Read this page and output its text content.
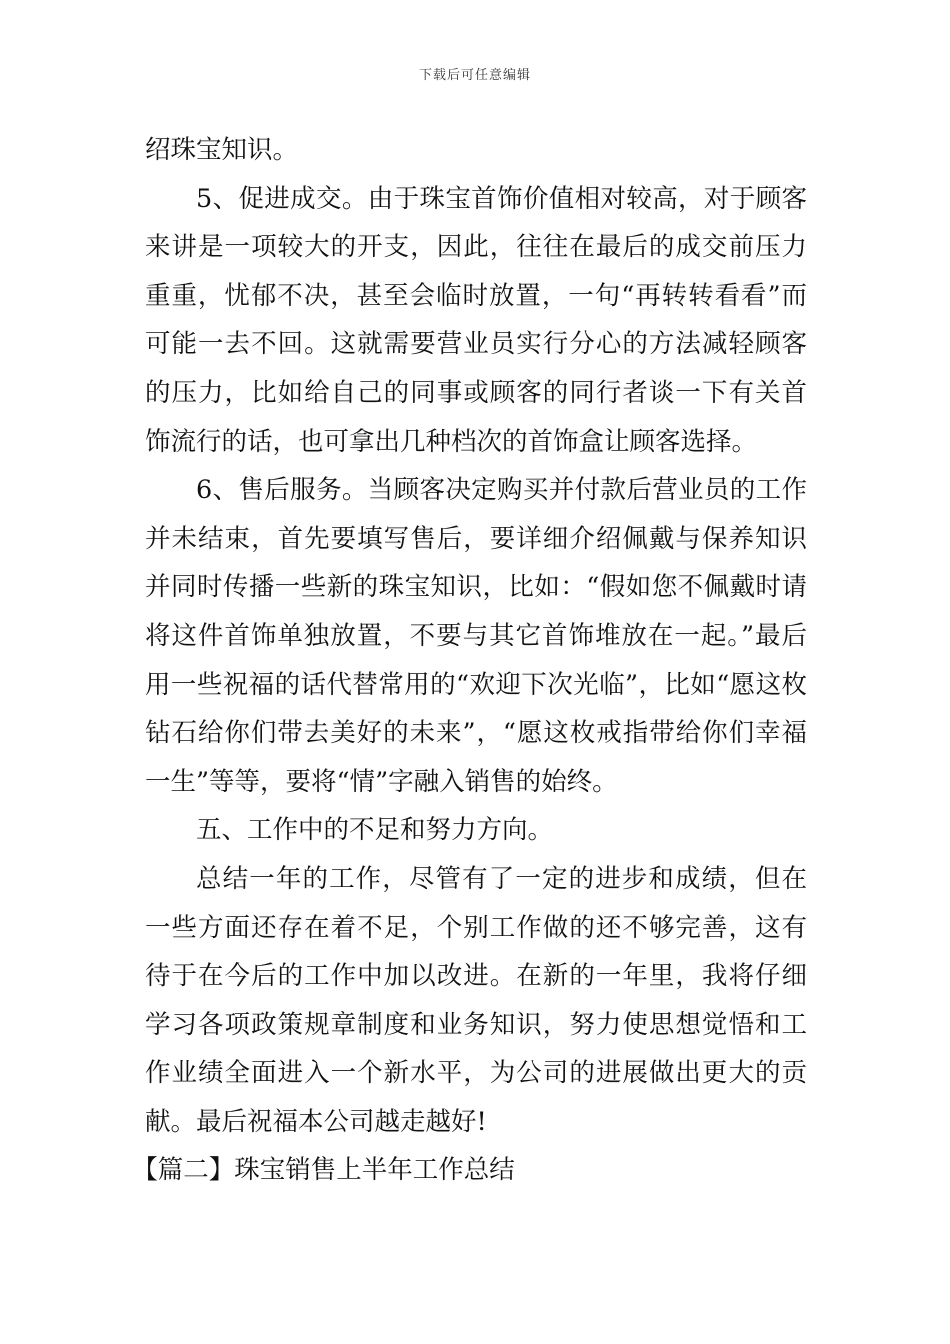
下载后可任意编辑

绍珠宝知识。

5、促进成交。由于珠宝首饰价值相对较高，对于顾客来讲是一项较大的开支，因此，往往在最后的成交前压力重重，忧郁不决，甚至会临时放置，一句“再转转看看”而可能一去不回。这就需要营业员实行分心的方法减轻顾客的压力，比如给自己的同事或顾客的同行者谈一下有关首饰流行的话，也可拿出几种档次的首饰盒让顾客选择。

6、售后服务。当顾客决定购买并付款后营业员的工作并未结束，首先要填写售后，要详细介绍佩戴与保养知识并同时传播一些新的珠宝知识，比如：“假如您不佩戴时请将这件首饰单独放置，不要与其它首饰堆放在一起。”最后用一些祝福的话代替常用的“欢迎下次光临”，比如“愿这枚钻石给你们带去美好的未来”，“愿这枚戒指带给你们幸福一生”等等，要将“情”字融入销售的始终。

五、工作中的不足和努力方向。

总结一年的工作，尽管有了一定的进步和成绩，但在一些方面还存在着不足，个别工作做的还不够完善，这有待于在今后的工作中加以改进。在新的一年里，我将仔细学习各项政策规章制度和业务知识，努力使思想觉悟和工作业绩全面进入一个新水平，为公司的进展做出更大的贡献。最后祝福本公司越走越好!

【篇二】珠宝销售上半年工作总结
